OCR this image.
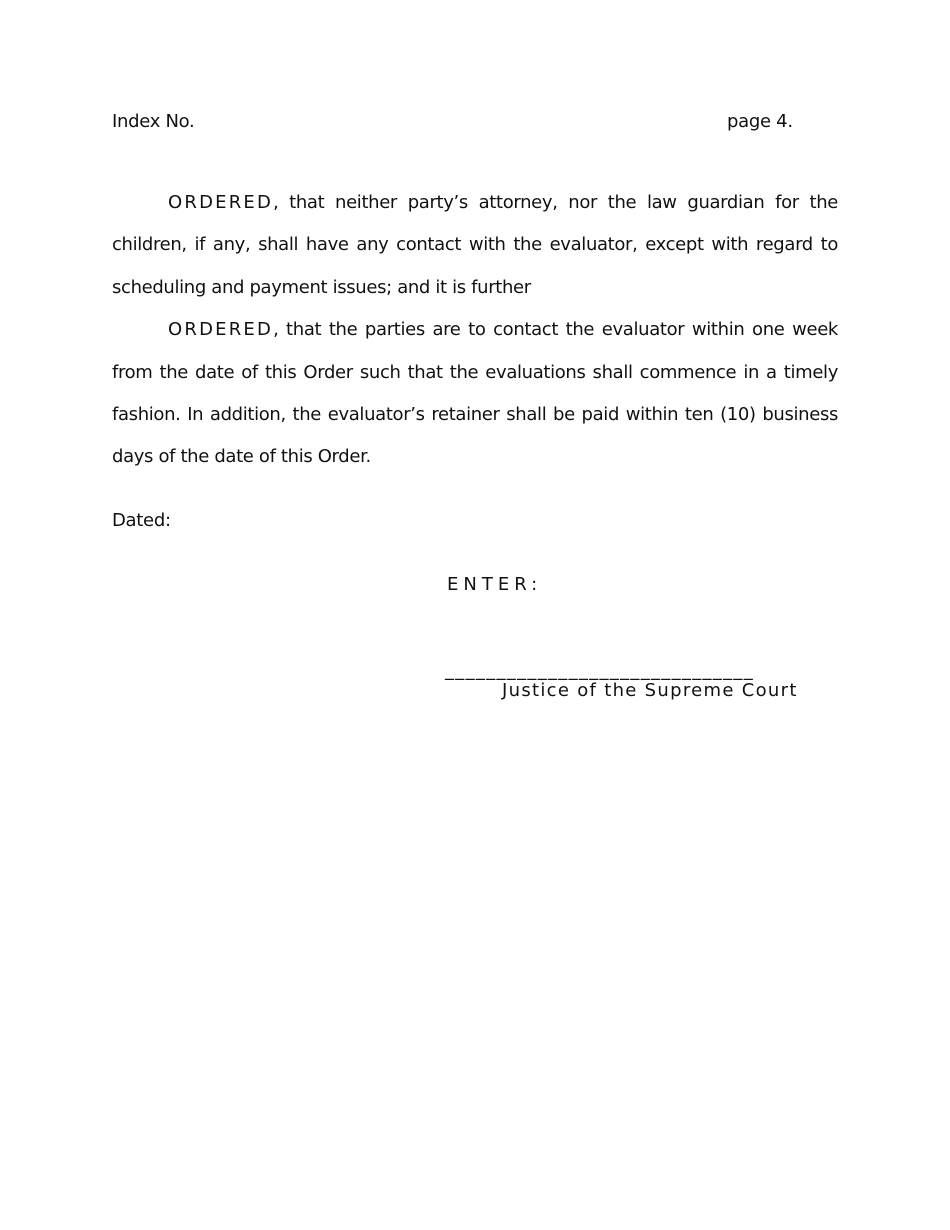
Index No.	page 4.

ORDERED, that neither party’s attorney, nor the law guardian for the children, if any, shall have any contact with the evaluator, except with regard to scheduling and payment issues; and it is further

ORDERED, that the parties are to contact the evaluator within one week from the date of this Order such that the evaluations shall commence in a timely fashion. In addition, the evaluator’s retainer shall be paid within ten (10) business days of the date of this Order.

Dated:
ENTER:
______________________________
Justice of the Supreme Court
